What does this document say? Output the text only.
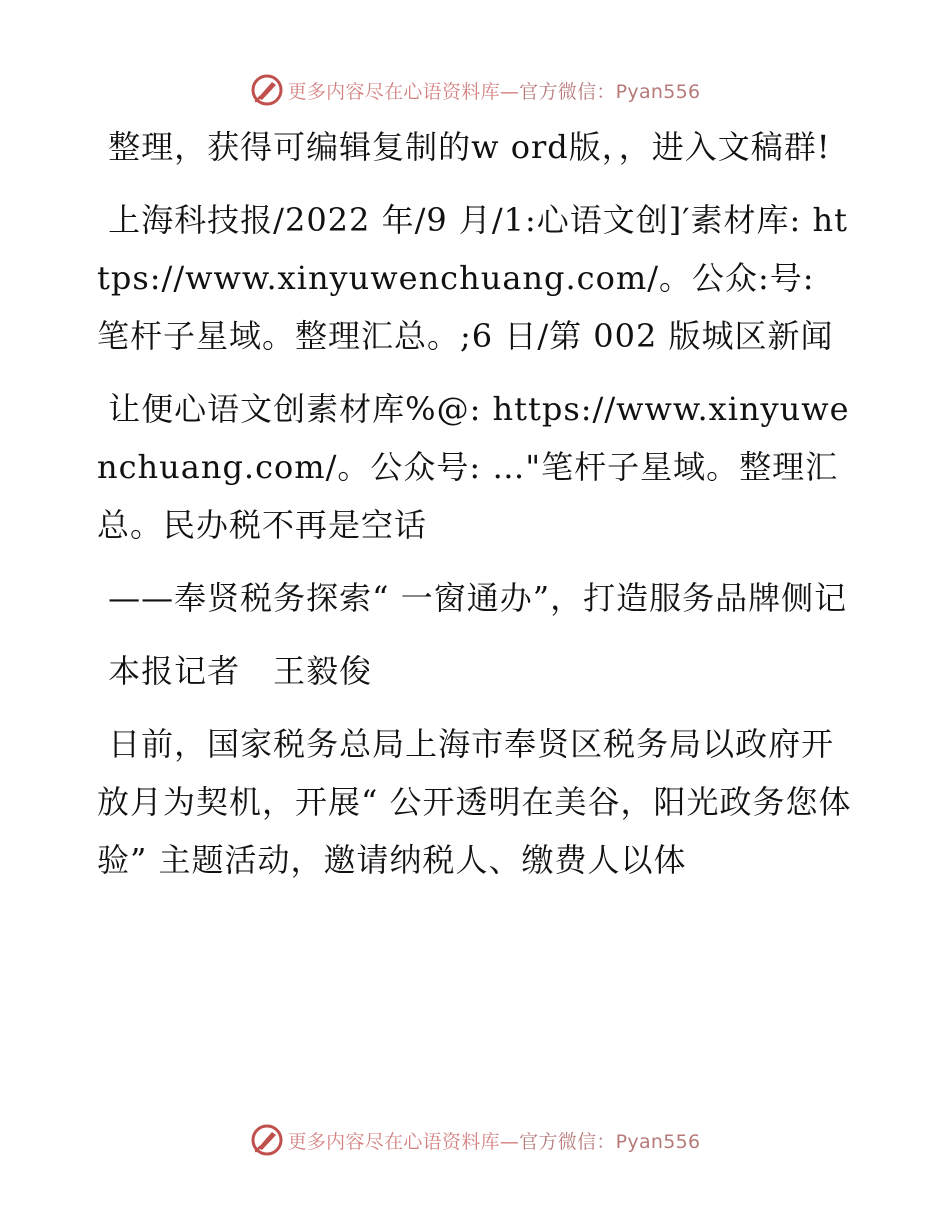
更多内容尽在心语资料库—官方微信：Pyan556

整理，获得可编辑复制的w ord版，，进入文稿群!

上海科技报/2022 年/9 月/1:心语文创]′素材库: https://www.xinyuwenchuang.com/。公众:号: 笔杆子星域。整理汇总。;6 日/第 002 版城区新闻

让便心语文创素材库%@: https://www.xinyuwenchuang.com/。公众号: …"笔杆子星域。整理汇总。民办税不再是空话

——奉贤税务探索“ 一窗通办”，打造服务品牌侧记

本报记者　王毅俊

日前，国家税务总局上海市奉贤区税务局以政府开放月为契机，开展“ 公开透明在美谷，阳光政务您体验” 主题活动，邀请纳税人、缴费人以体

更多内容尽在心语资料库—官方微信：Pyan556
